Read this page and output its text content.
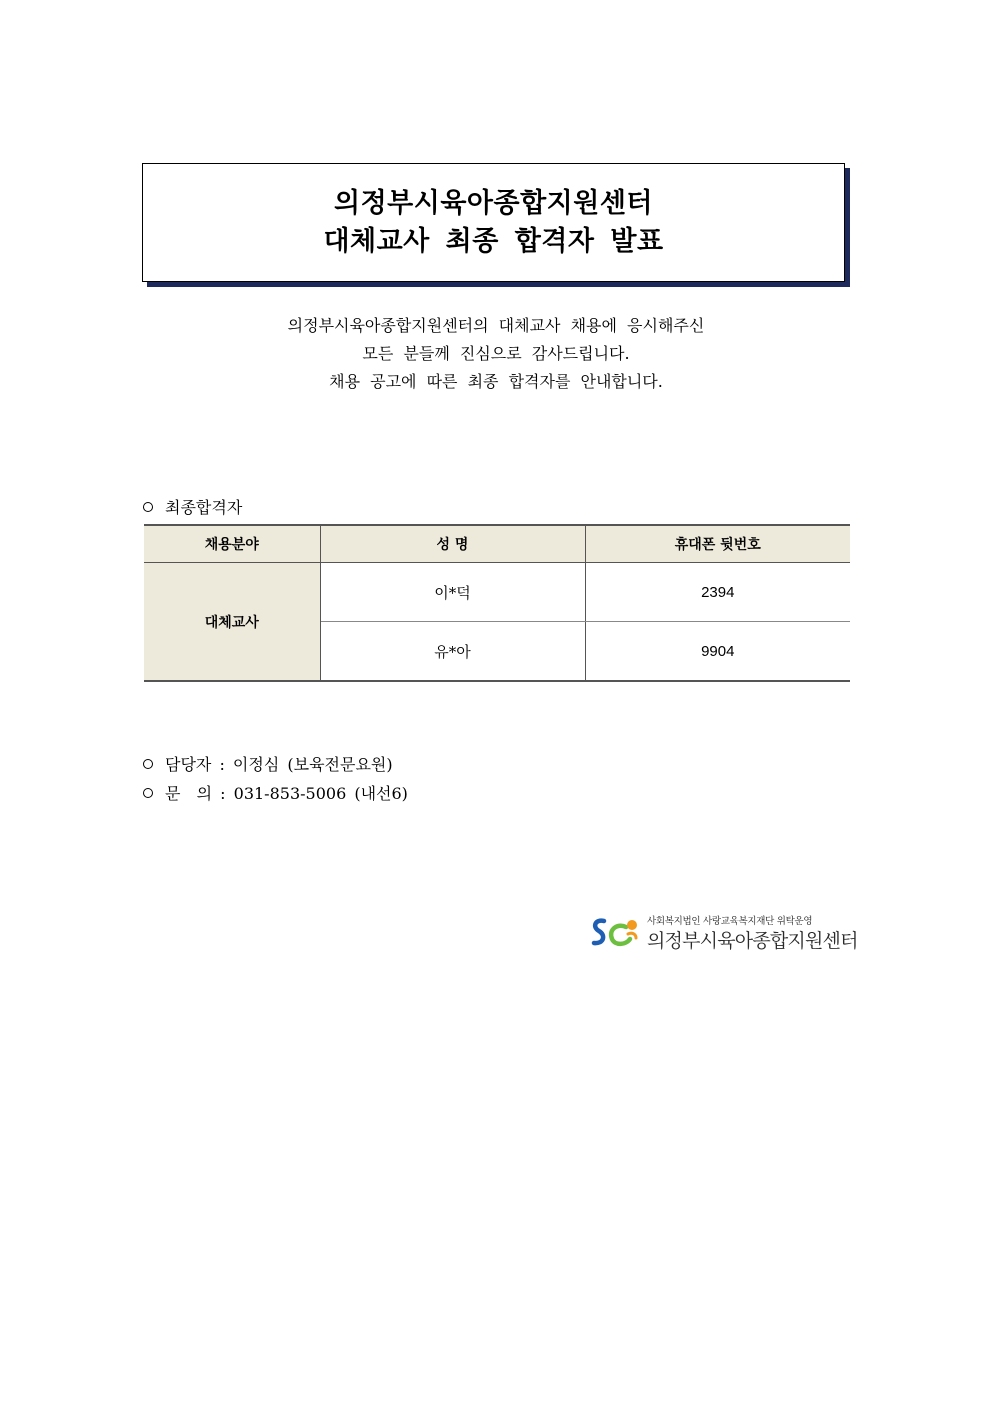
의정부시육아종합지원센터
대체교사 최종 합격자 발표
의정부시육아종합지원센터의 대체교사 채용에 응시해주신
모든 분들께 진심으로 감사드립니다.
채용 공고에 따른 최종 합격자를 안내합니다.
최종합격자
채용분야	성 명	휴대폰 뒷번호
대체교사	이*덕	2394
	유*아	9904
담당자 : 이정심 (보육전문요원)
문  의 : 031-853-5006 (내선6)
사회복지법인 사랑교육복지재단 위탁운영
의정부시육아종합지원센터
